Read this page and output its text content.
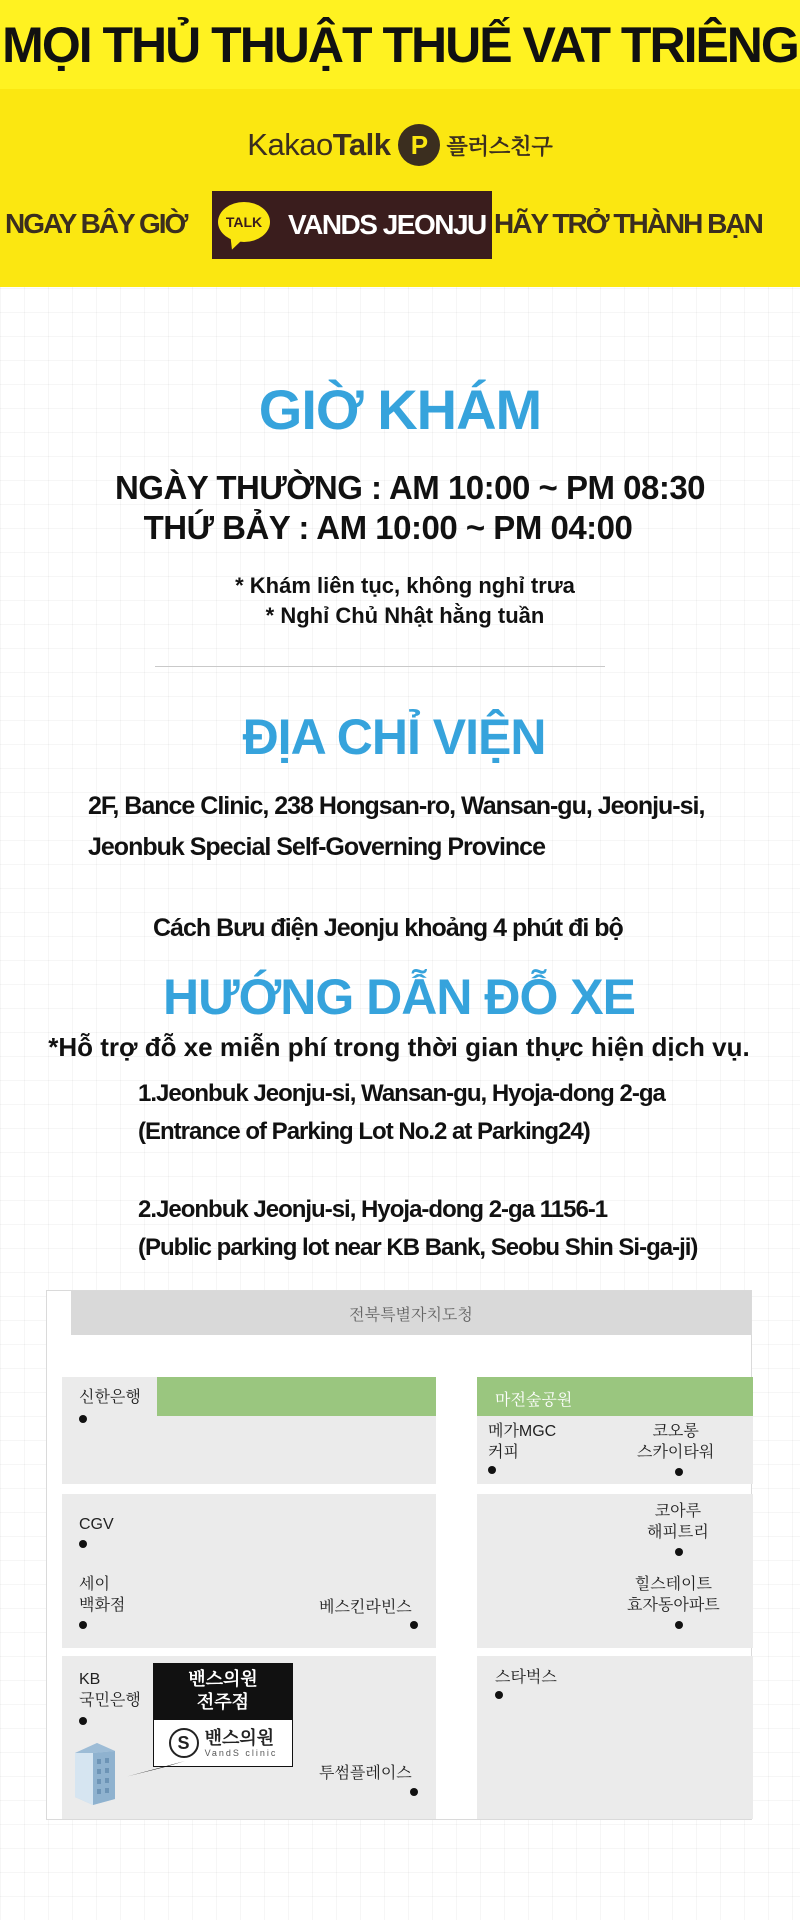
MỌI THỦ THUẬT THUẾ VAT TRIÊNG
KakaoTalk P 플러스친구
NGAY BÂY GIỜ	TALK VANDS JEONJU HÃY TRỞ THÀNH BẠN
GIỜ KHÁM
NGÀY THƯỜNG : AM 10:00 ~ PM 08:30
THỨ BẢY : AM 10:00 ~ PM 04:00
* Khám liên tục, không nghỉ trưa
* Nghỉ Chủ Nhật hằng tuần
ĐỊA CHỈ VIỆN
2F, Bance Clinic, 238 Hongsan-ro, Wansan-gu, Jeonju-si,
Jeonbuk Special Self-Governing Province
Cách Bưu điện Jeonju khoảng 4 phút đi bộ
HƯỚNG DẪN ĐỖ XE
*Hỗ trợ đỗ xe miễn phí trong thời gian thực hiện dịch vụ.
1.Jeonbuk Jeonju-si, Wansan-gu, Hyoja-dong 2-ga
(Entrance of Parking Lot No.2 at Parking24)
2.Jeonbuk Jeonju-si, Hyoja-dong 2-ga 1156-1
(Public parking lot near KB Bank, Seobu Shin Si-ga-ji)
전북특별자치도청
신한은행
CGV
세이
백화점	베스킨라빈스
KB
국민은행
투썸플레이스
밴스의원
전주점
S 밴스의원
VandS clinic
마전숲공원
메가MGC
커피
코오롱
스카이타워
코아루
해피트리
힐스테이트
효자동아파트
스타벅스
